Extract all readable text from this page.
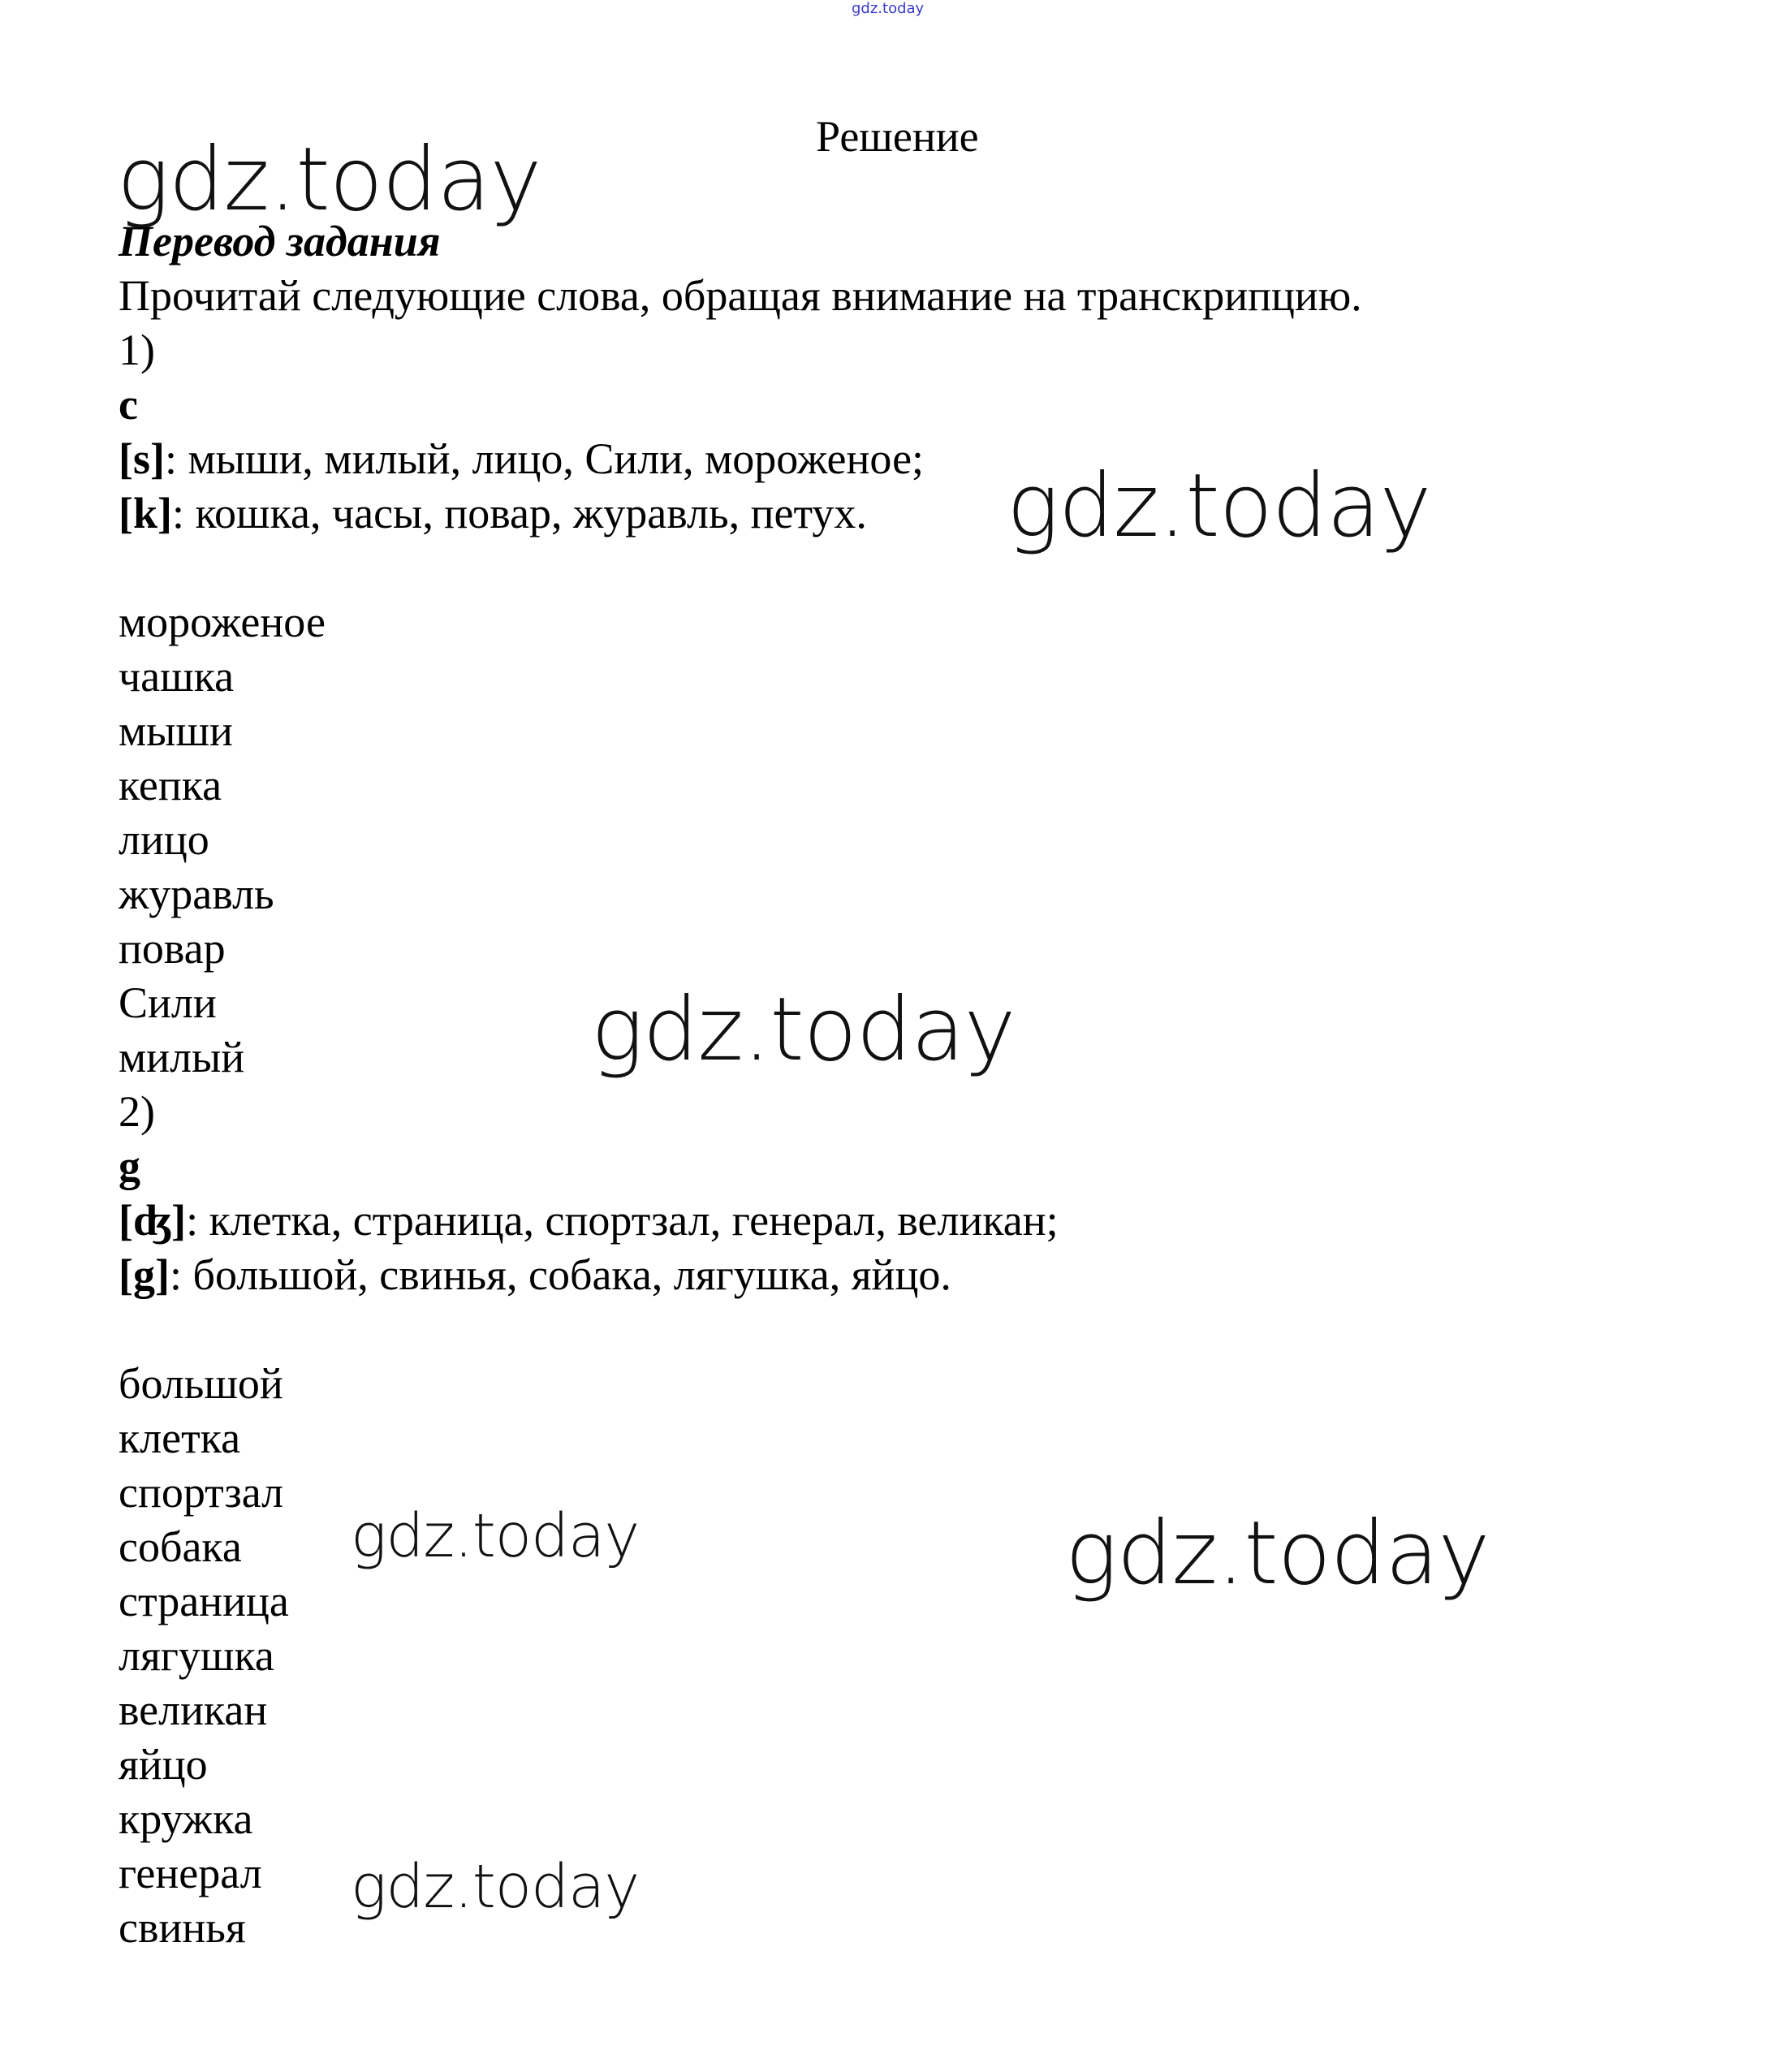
gdz.today
Решение
gdz.today
gdz.today
gdz.today
gdz.today	gdz.today
gdz.today
Перевод задания
Прочитай следующие слова, обращая внимание на транскрипцию.
1)
c
[s]: мыши, милый, лицо, Сили, мороженое;
[k]: кошка, часы, повар, журавль, петух.
мороженое
чашка
мыши
кепка
лицо
журавль
повар
Сили
милый
2)
g
[ʤ]: клетка, страница, спортзал, генерал, великан;
[g]: большой, свинья, собака, лягушка, яйцо.
большой
клетка
спортзал
собака
страница
лягушка
великан
яйцо
кружка
генерал
свинья
